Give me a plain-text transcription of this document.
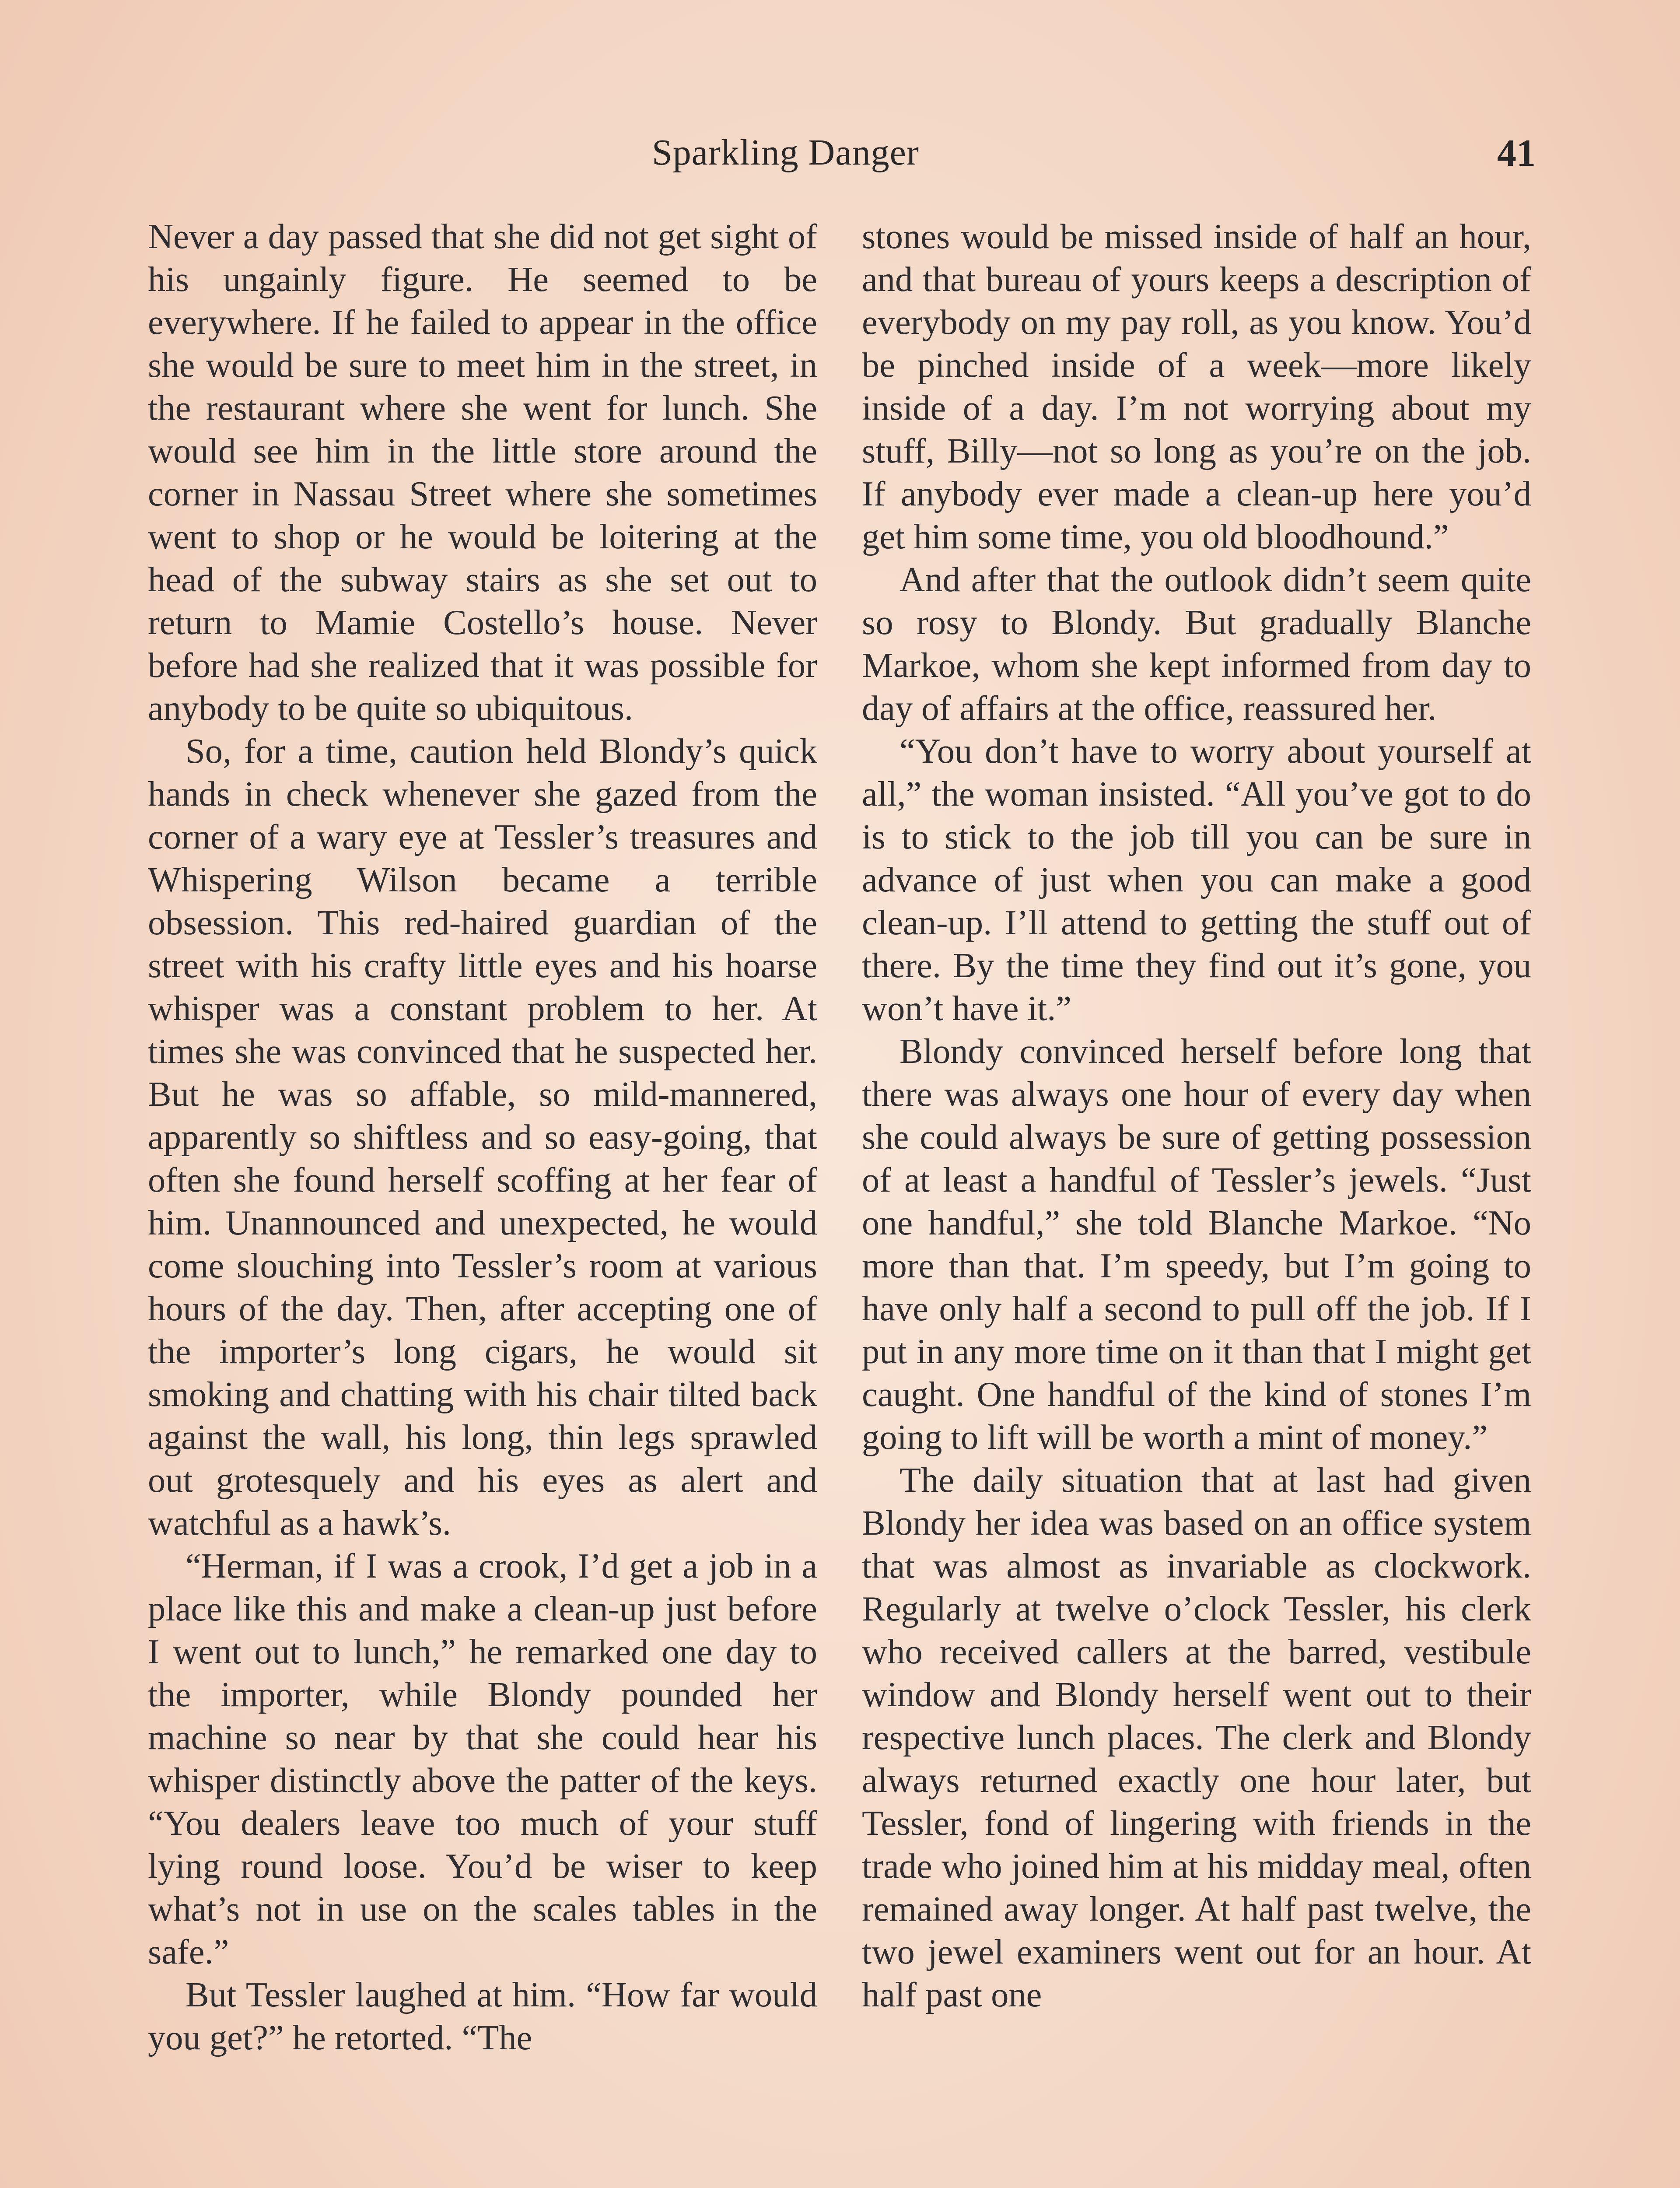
Sparkling Danger	41

Never a day passed that she did not get sight of his ungainly figure. He seemed to be everywhere. If he failed to appear in the office she would be sure to meet him in the street, in the restaurant where she went for lunch. She would see him in the little store around the corner in Nassau Street where she sometimes went to shop or he would be loitering at the head of the subway stairs as she set out to return to Mamie Costello’s house. Never before had she realized that it was possible for anybody to be quite so ubiquitous.

So, for a time, caution held Blondy’s quick hands in check whenever she gazed from the corner of a wary eye at Tessler’s treasures and Whispering Wilson became a terrible obsession. This red-haired guardian of the street with his crafty little eyes and his hoarse whisper was a constant problem to her. At times she was convinced that he suspected her. But he was so affable, so mild-mannered, apparently so shiftless and so easy-going, that often she found herself scoffing at her fear of him. Unannounced and unexpected, he would come slouching into Tessler’s room at various hours of the day. Then, after accepting one of the importer’s long cigars, he would sit smoking and chatting with his chair tilted back against the wall, his long, thin legs sprawled out grotesquely and his eyes as alert and watchful as a hawk’s.

“Herman, if I was a crook, I’d get a job in a place like this and make a clean-up just before I went out to lunch,” he remarked one day to the importer, while Blondy pounded her machine so near by that she could hear his whisper distinctly above the patter of the keys. “You dealers leave too much of your stuff lying round loose. You’d be wiser to keep what’s not in use on the scales tables in the safe.”

But Tessler laughed at him. “How far would you get?” he retorted. “The

stones would be missed inside of half an hour, and that bureau of yours keeps a description of everybody on my pay roll, as you know. You’d be pinched inside of a week—more likely inside of a day. I’m not worrying about my stuff, Billy—not so long as you’re on the job. If anybody ever made a clean-up here you’d get him some time, you old bloodhound.”

And after that the outlook didn’t seem quite so rosy to Blondy. But gradually Blanche Markoe, whom she kept informed from day to day of affairs at the office, reassured her.

“You don’t have to worry about yourself at all,” the woman insisted. “All you’ve got to do is to stick to the job till you can be sure in advance of just when you can make a good clean-up. I’ll attend to getting the stuff out of there. By the time they find out it’s gone, you won’t have it.”

Blondy convinced herself before long that there was always one hour of every day when she could always be sure of getting possession of at least a handful of Tessler’s jewels. “Just one handful,” she told Blanche Markoe. “No more than that. I’m speedy, but I’m going to have only half a second to pull off the job. If I put in any more time on it than that I might get caught. One handful of the kind of stones I’m going to lift will be worth a mint of money.”

The daily situation that at last had given Blondy her idea was based on an office system that was almost as invariable as clockwork. Regularly at twelve o’clock Tessler, his clerk who received callers at the barred, vestibule window and Blondy herself went out to their respective lunch places. The clerk and Blondy always returned exactly one hour later, but Tessler, fond of lingering with friends in the trade who joined him at his midday meal, often remained away longer. At half past twelve, the two jewel examiners went out for an hour. At half past one
